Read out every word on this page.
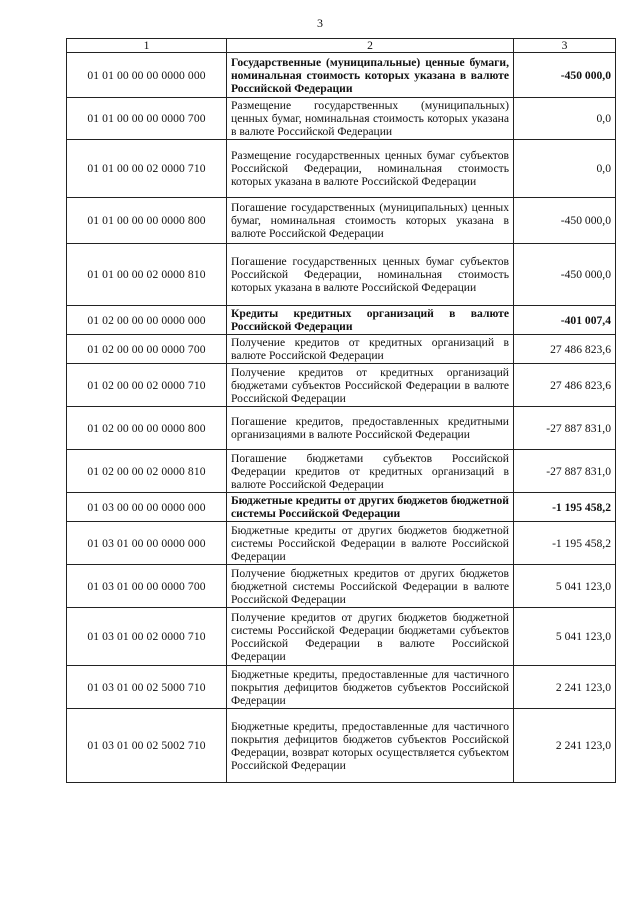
3
1	2	3
01 01 00 00 00 0000 000	Государственные (муниципальные) ценные бумаги, номинальная стоимость которых указана в валюте Российской Федерации	-450 000,0
01 01 00 00 00 0000 700	Размещение государственных (муниципальных) ценных бумаг, номинальная стоимость которых указана в валюте Российской Федерации	0,0
01 01 00 00 02 0000 710	Размещение государственных ценных бумаг субъектов Российской Федерации, номинальная стоимость которых указана в валюте Российской Федерации	0,0
01 01 00 00 00 0000 800	Погашение государственных (муниципальных) ценных бумаг, номинальная стоимость которых указана в валюте Российской Федерации	-450 000,0
01 01 00 00 02 0000 810	Погашение государственных ценных бумаг субъектов Российской Федерации, номинальная стоимость которых указана в валюте Российской Федерации	-450 000,0
01 02 00 00 00 0000 000	Кредиты кредитных организаций в валюте Российской Федерации	-401 007,4
01 02 00 00 00 0000 700	Получение кредитов от кредитных организаций в валюте Российской Федерации	27 486 823,6
01 02 00 00 02 0000 710	Получение кредитов от кредитных организаций бюджетами субъектов Российской Федерации в валюте Российской Федерации	27 486 823,6
01 02 00 00 00 0000 800	Погашение кредитов, предоставленных кредитными организациями в валюте Российской Федерации	-27 887 831,0
01 02 00 00 02 0000 810	Погашение бюджетами субъектов Российской Федерации кредитов от кредитных организаций в валюте Российской Федерации	-27 887 831,0
01 03 00 00 00 0000 000	Бюджетные кредиты от других бюджетов бюджетной системы Российской Федерации	-1 195 458,2
01 03 01 00 00 0000 000	Бюджетные кредиты от других бюджетов бюджетной системы Российской Федерации в валюте Российской Федерации	-1 195 458,2
01 03 01 00 00 0000 700	Получение бюджетных кредитов от других бюджетов бюджетной системы Российской Федерации в валюте Российской Федерации	5 041 123,0
01 03 01 00 02 0000 710	Получение кредитов от других бюджетов бюджетной системы Российской Федерации бюджетами субъектов Российской Федерации в валюте Российской Федерации	5 041 123,0
01 03 01 00 02 5000 710	Бюджетные кредиты, предоставленные для частичного покрытия дефицитов бюджетов субъектов Российской Федерации	2 241 123,0
01 03 01 00 02 5002 710	Бюджетные кредиты, предоставленные для частичного покрытия дефицитов бюджетов субъектов Российской Федерации, возврат которых осуществляется субъектом Российской Федерации	2 241 123,0
